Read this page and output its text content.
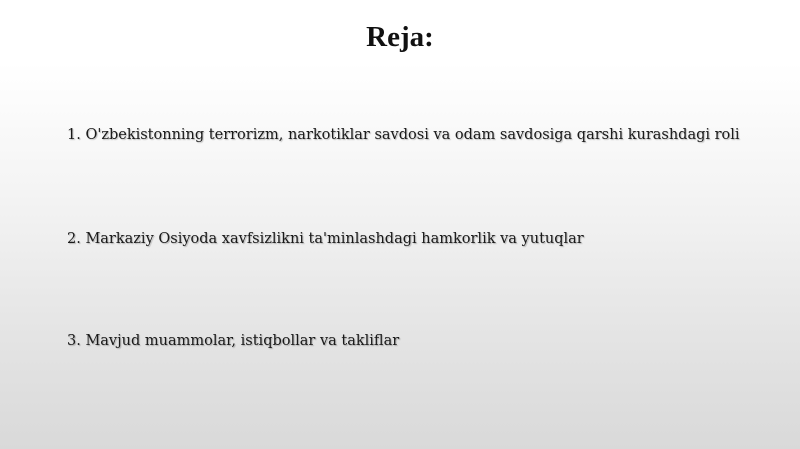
Reja:

1. O'zbekistonning terrorizm, narkotiklar savdosi va odam savdosiga qarshi kurashdagi roli

2. Markaziy Osiyoda xavfsizlikni ta'minlashdagi hamkorlik va yutuqlar

3. Mavjud muammolar, istiqbollar va takliflar
